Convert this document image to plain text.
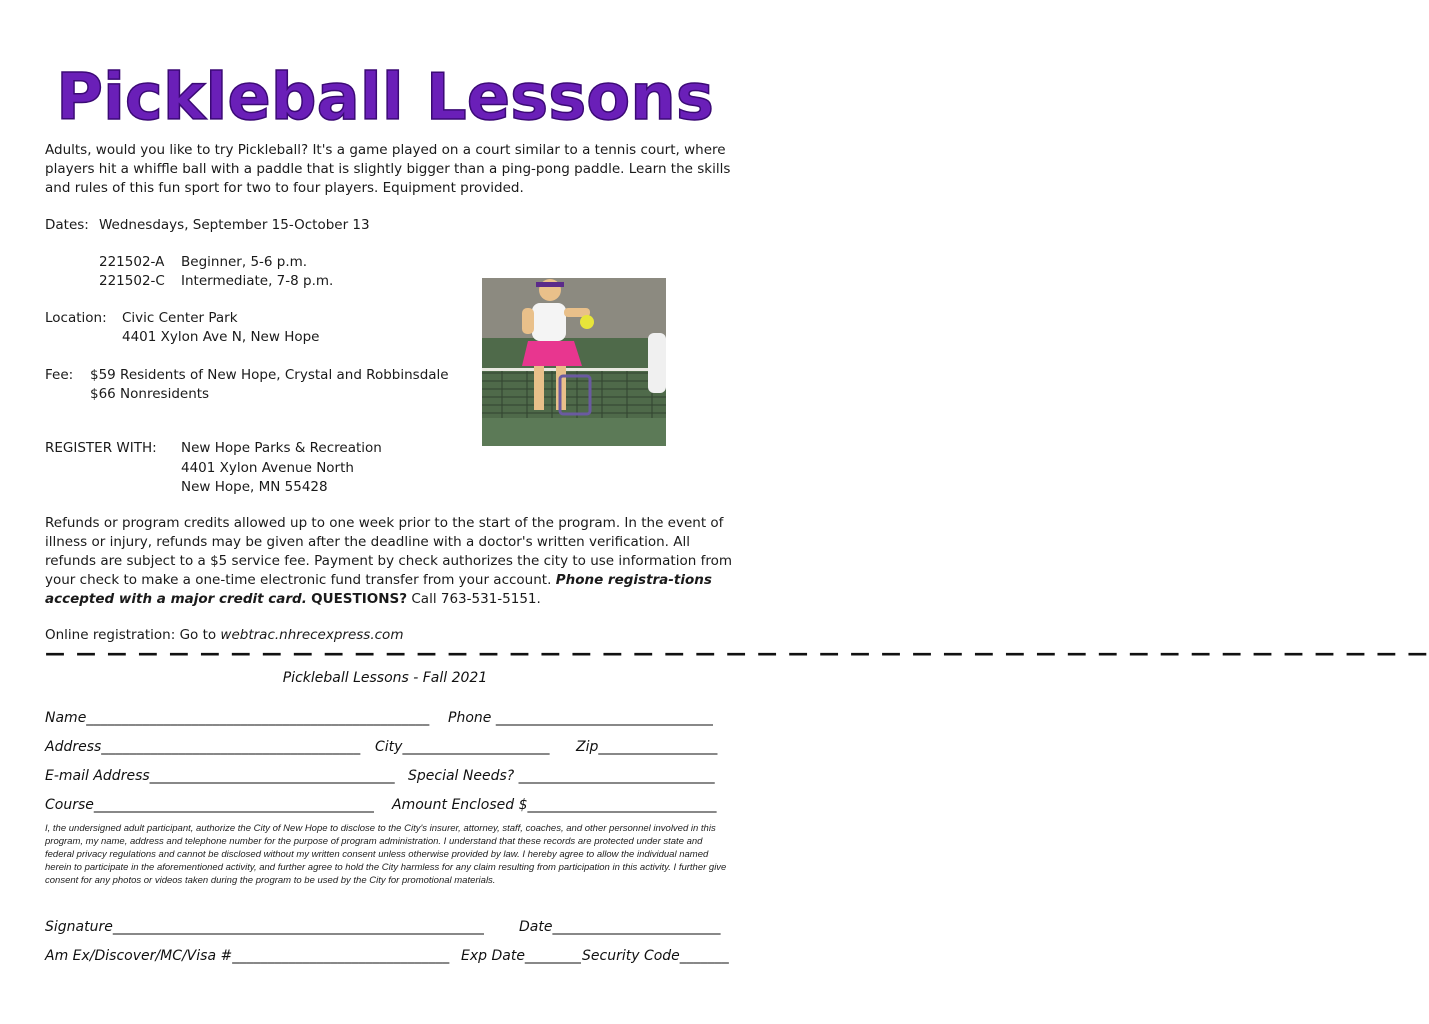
Pickleball Lessons
Adults, would you like to try Pickleball? It's a game played on a court similar to a tennis court, where players hit a whiffle ball with a paddle that is slightly bigger than a ping-pong paddle. Learn the skills and rules of this fun sport for two to four players. Equipment provided.
Dates: Wednesdays, September 15-October 13
221502-A Beginner, 5-6 p.m.
221502-C Intermediate, 7-8 p.m.
Location: Civic Center Park
4401 Xylon Ave N, New Hope
Fee: $59 Residents of New Hope, Crystal and Robbinsdale
$66 Nonresidents
REGISTER WITH: New Hope Parks & Recreation
4401 Xylon Avenue North
New Hope, MN 55428
Refunds or program credits allowed up to one week prior to the start of the program. In the event of illness or injury, refunds may be given after the deadline with a doctor's written verification. All refunds are subject to a $5 service fee. Payment by check authorizes the city to use information from your check to make a one-time electronic fund transfer from your account. Phone registra-tions accepted with a major credit card. QUESTIONS? Call 763-531-5151.
Online registration: Go to webtrac.nhrecexpress.com
— — — — — — — — — — — — — — — — — — — — — — — — — — — — — — — — — — — — — — — — — — — — —
Pickleball Lessons - Fall 2021
Name_________________________________________________	Phone _______________________________
Address_____________________________________	City_____________________	Zip_________________
E-mail Address___________________________________ Special Needs? ____________________________
Course________________________________________	Amount Enclosed $___________________________
I, the undersigned adult participant, authorize the City of New Hope to disclose to the City's insurer, attorney, staff, coaches, and other personnel involved in this program, my name, address and telephone number for the purpose of program administration. I understand that these records are protected under state and federal privacy regulations and cannot be disclosed without my written consent unless otherwise provided by law. I hereby agree to allow the individual named herein to participate in the aforementioned activity, and further agree to hold the City harmless for any claim resulting from participation in this activity. I further give consent for any photos or videos taken during the program to be used by the City for promotional materials.
Signature_____________________________________________________	Date________________________
Am Ex/Discover/MC/Visa #_______________________________ Exp Date________ Security Code_______
